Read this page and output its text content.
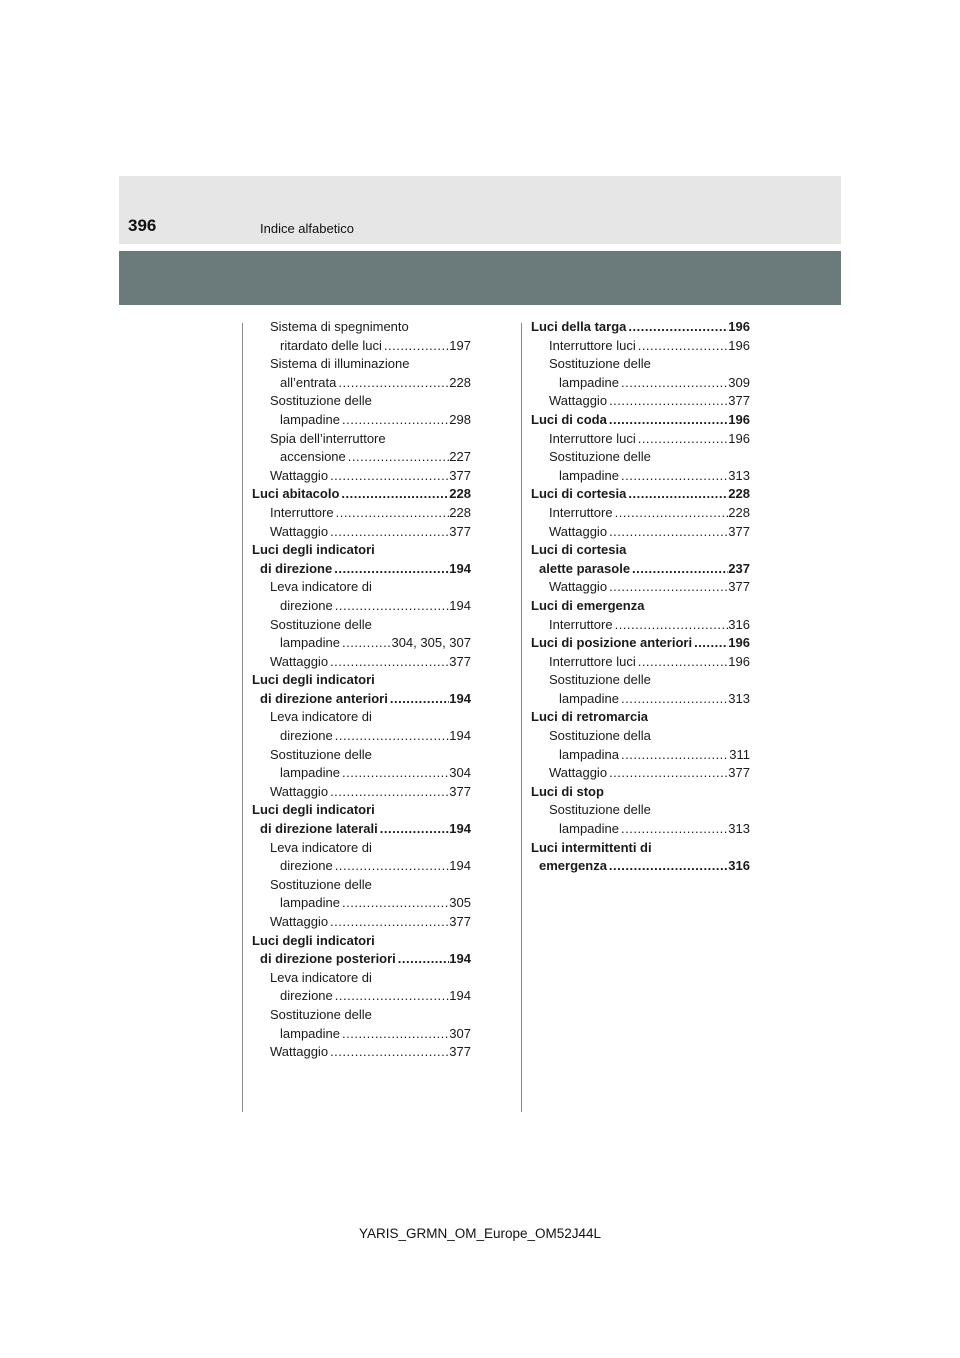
396	Indice alfabetico
Sistema di spegnimento
ritardato delle luci .....	197
Sistema di illuminazione
all’entrata .....	228
Sostituzione delle
lampadine .....	298
Spia dell’interruttore
accensione .....	227
Wattaggio .....	377
Luci abitacolo .....	228
Interruttore .....	228
Wattaggio .....	377
Luci degli indicatori
di direzione .....	194
Leva indicatore di
direzione .....	194
Sostituzione delle
lampadine .....	304, 305, 307
Wattaggio .....	377
Luci degli indicatori
di direzione anteriori .....	194
Leva indicatore di
direzione .....	194
Sostituzione delle
lampadine .....	304
Wattaggio .....	377
Luci degli indicatori
di direzione laterali .....	194
Leva indicatore di
direzione .....	194
Sostituzione delle
lampadine .....	305
Wattaggio .....	377
Luci degli indicatori
di direzione posteriori .....	194
Leva indicatore di
direzione .....	194
Sostituzione delle
lampadine .....	307
Wattaggio .....	377
Luci della targa .....	196
Interruttore luci .....	196
Sostituzione delle
lampadine .....	309
Wattaggio .....	377
Luci di coda .....	196
Interruttore luci .....	196
Sostituzione delle
lampadine .....	313
Luci di cortesia .....	228
Interruttore .....	228
Wattaggio .....	377
Luci di cortesia
alette parasole .....	237
Wattaggio .....	377
Luci di emergenza
Interruttore .....	316
Luci di posizione anteriori .....	196
Interruttore luci .....	196
Sostituzione delle
lampadine .....	313
Luci di retromarcia
Sostituzione della
lampadina .....	311
Wattaggio .....	377
Luci di stop
Sostituzione delle
lampadine .....	313
Luci intermittenti di
emergenza .....	316
YARIS_GRMN_OM_Europe_OM52J44L
